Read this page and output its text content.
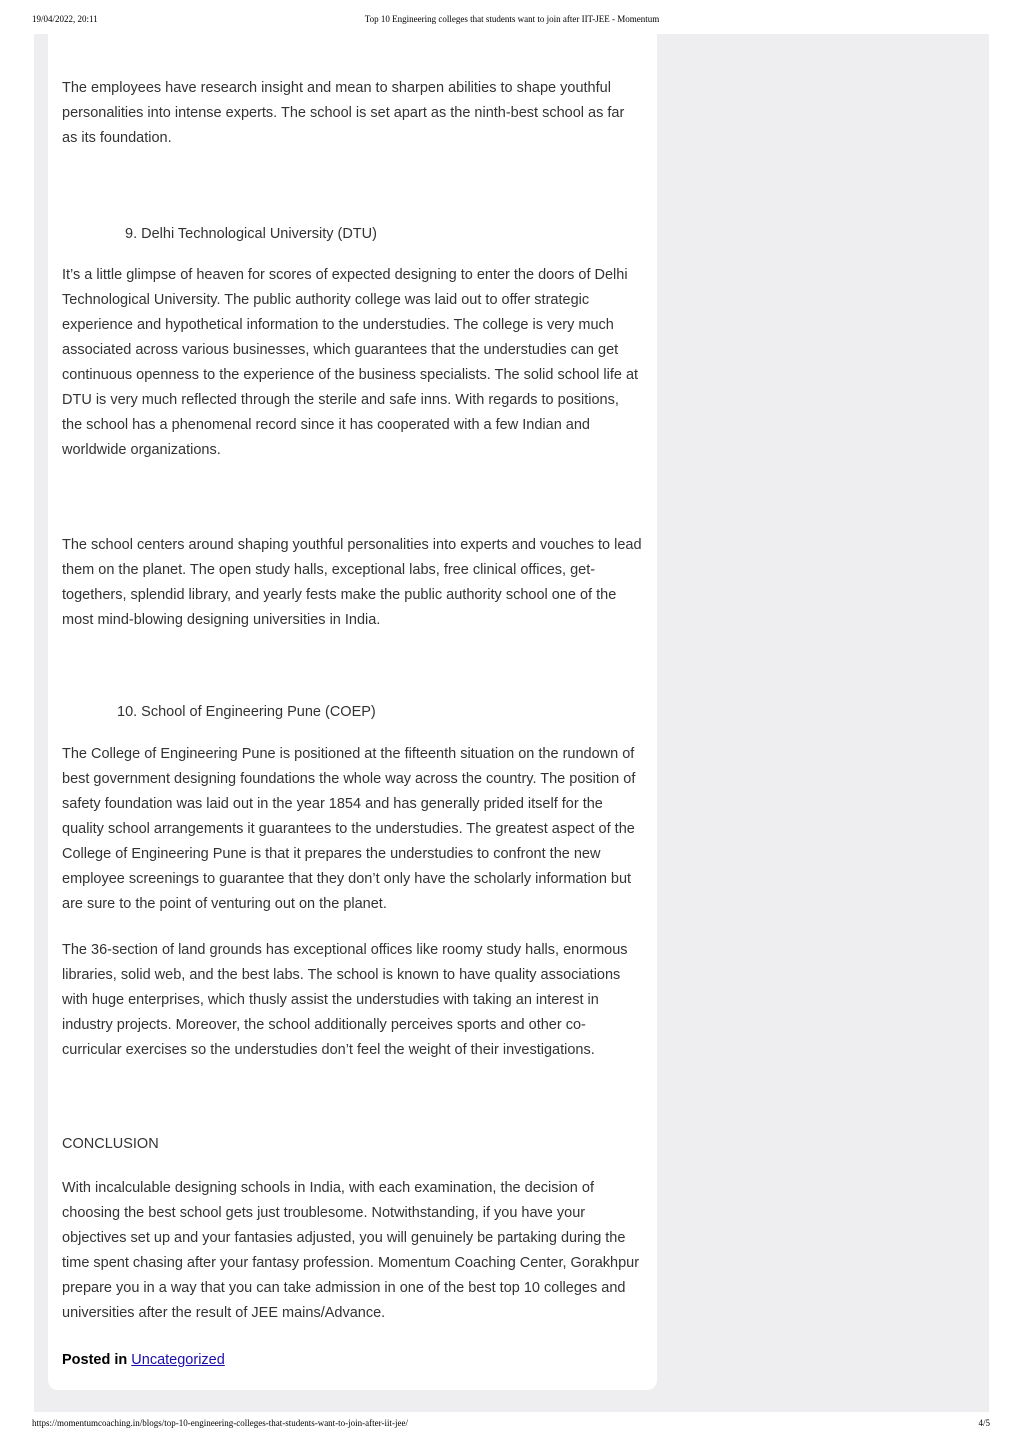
Top 10 Engineering colleges that students want to join after IIT-JEE - Momentum
19/04/2022, 20:11

The employees have research insight and mean to sharpen abilities to shape youthful personalities into intense experts. The school is set apart as the ninth-best school as far as its foundation.

9. Delhi Technological University (DTU)

It’s a little glimpse of heaven for scores of expected designing to enter the doors of Delhi Technological University. The public authority college was laid out to offer strategic experience and hypothetical information to the understudies. The college is very much associated across various businesses, which guarantees that the understudies can get continuous openness to the experience of the business specialists. The solid school life at DTU is very much reflected through the sterile and safe inns. With regards to positions, the school has a phenomenal record since it has cooperated with a few Indian and worldwide organizations.

The school centers around shaping youthful personalities into experts and vouches to lead them on the planet. The open study halls, exceptional labs, free clinical offices, get-togethers, splendid library, and yearly fests make the public authority school one of the most mind-blowing designing universities in India.

10. School of Engineering Pune (COEP)

The College of Engineering Pune is positioned at the fifteenth situation on the rundown of best government designing foundations the whole way across the country. The position of safety foundation was laid out in the year 1854 and has generally prided itself for the quality school arrangements it guarantees to the understudies. The greatest aspect of the College of Engineering Pune is that it prepares the understudies to confront the new employee screenings to guarantee that they don’t only have the scholarly information but are sure to the point of venturing out on the planet.

The 36-section of land grounds has exceptional offices like roomy study halls, enormous libraries, solid web, and the best labs. The school is known to have quality associations with huge enterprises, which thusly assist the understudies with taking an interest in industry projects. Moreover, the school additionally perceives sports and other co-curricular exercises so the understudies don’t feel the weight of their investigations.

CONCLUSION

With incalculable designing schools in India, with each examination, the decision of choosing the best school gets just troublesome. Notwithstanding, if you have your objectives set up and your fantasies adjusted, you will genuinely be partaking during the time spent chasing after your fantasy profession. Momentum Coaching Center, Gorakhpur prepare you in a way that you can take admission in one of the best top 10 colleges and universities after the result of JEE mains/Advance.

Posted in Uncategorized
https://momentumcoaching.in/blogs/top-10-engineering-colleges-that-students-want-to-join-after-iit-jee/	4/5
